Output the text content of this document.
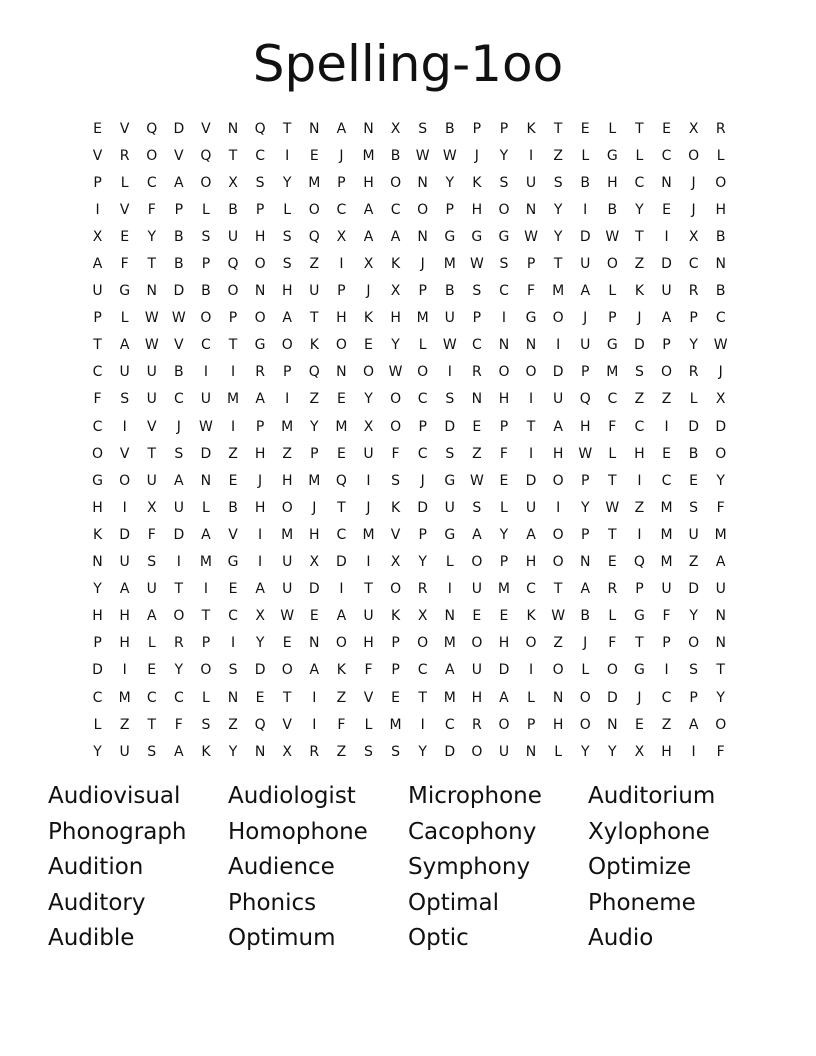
Spelling-1oo
E	V	Q	D	V	N	Q	T	N	A	N	X	S	B	P	P	K	T	E	L	T	E	X	R
V	R	O	V	Q	T	C	I	E	J	M	B	W W	J	Y	I	Z	L	G	L	C	O	L
P	L	C	A	O	X	S	Y	M	P	H	O	N	Y	K	S	U	S	B	H	C	N	J	O
I	V	F	P	L	B	P	L	O	C	A	C	O	P	H	O	N	Y	I	B	Y	E	J	H
X	E	Y	B	S	U	H	S	Q	X	A	A	N	G	G	G	W	Y	D	W	T	I	X	B
A	F	T	B	P	Q	O	S	Z	I	X	K	J	M	W	S	P	T	U	O	Z	D	C	N
U	G	N	D	B	O	N	H	U	P	J	X	P	B	S	C	F	M	A	L	K	U	R	B
P	L	W W	O	P	O	A	T	H	K	H	M	U	P	I	G	O	J	P	J	A	P	C
T	A	W	V	C	T	G	O	K	O	E	Y	L	W	C	N	N	I	U	G	D	P	Y	W
C	U	U	B	I	I	R	P	Q	N	O	W	O	I	R	O	O	D	P	M	S	O	R	J
F	S	U	C	U	M	A	I	Z	E	Y	O	C	S	N	H	I	U	Q	C	Z	Z	L	X
C	I	V	J	W	I	P	M	Y	M	X	O	P	D	E	P	T	A	H	F	C	I	D	D
O	V	T	S	D	Z	H	Z	P	E	U	F	C	S	Z	F	I	H	W	L	H	E	B	O
G	O	U	A	N	E	J	H	M	Q	I	S	J	G	W	E	D	O	P	T	I	C	E	Y
H	I	X	U	L	B	H	O	J	T	J	K	D	U	S	L	U	I	Y	W	Z	M	S	F
K	D	F	D	A	V	I	M	H	C	M	V	P	G	A	Y	A	O	P	T	I	M	U	M
N	U	S	I	M	G	I	U	X	D	I	X	Y	L	O	P	H	O	N	E	Q	M	Z	A
Y	A	U	T	I	E	A	U	D	I	T	O	R	I	U	M	C	T	A	R	P	U	D	U
H	H	A	O	T	C	X	W	E	A	U	K	X	N	E	E	K	W	B	L	G	F	Y	N
P	H	L	R	P	I	Y	E	N	O	H	P	O	M	O	H	O	Z	J	F	T	P	O	N
D	I	E	Y	O	S	D	O	A	K	F	P	C	A	U	D	I	O	L	O	G	I	S	T
C	M	C	C	L	N	E	T	I	Z	V	E	T	M	H	A	L	N	O	D	J	C	P	Y
L	Z	T	F	S	Z	Q	V	I	F	L	M	I	C	R	O	P	H	O	N	E	Z	A	O
Y	U	S	A	K	Y	N	X	R	Z	S	S	Y	D	O	U	N	L	Y	Y	X	H	I	F
Audiovisual	Audiologist	Microphone	Auditorium
Phonograph	Homophone	Cacophony	Xylophone
Audition	Audience	Symphony	Optimize
Auditory	Phonics	Optimal	Phoneme
Audible	Optimum	Optic	Audio
